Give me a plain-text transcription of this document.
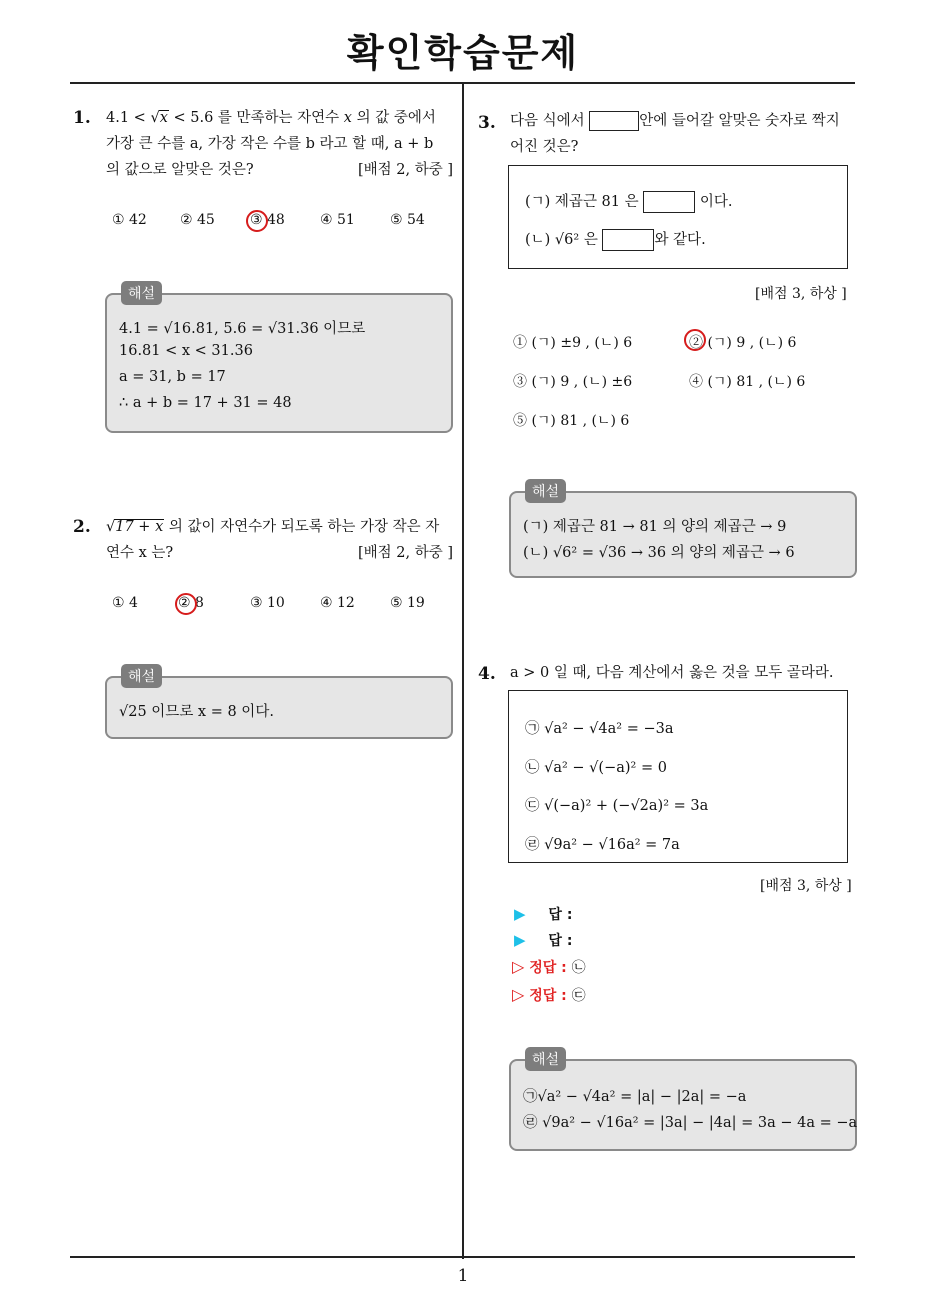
확인학습문제
1
1. 4.1 < √x < 5.6 를 만족하는 자연수 x 의 값 중에서
가장 큰 수를 a, 가장 작은 수를 b 라고 할 때, a + b
의 값으로 알맞은 것은?	[배점 2, 하중 ]
① 42 ② 45	③ 48	④ 51	⑤ 54
해설
4.1 = √16.81, 5.6 = √31.36 이므로
16.81 < x < 31.36
a = 31, b = 17
∴ a + b = 17 + 31 = 48
2. √17 + x 의 값이 자연수가 되도록 하는 가장 작은 자
연수 x 는?	[배점 2, 하중 ]
① 4	② 8	③ 10	④ 12	⑤ 19
해설
√25 이므로 x = 8 이다.
3. 다음 식에서	안에 들어갈 알맞은 숫자로 짝지
어진 것은?
(ㄱ) 제곱근 81 은	이다.
(ㄴ) √6² 은	와 같다.
[배점 3, 하상 ]
① (ㄱ) ±9 , (ㄴ) 6	② (ㄱ) 9 , (ㄴ) 6
③ (ㄱ) 9 , (ㄴ) ±6	④ (ㄱ) 81 , (ㄴ) 6
⑤ (ㄱ) 81 , (ㄴ) 6
해설
(ㄱ) 제곱근 81 → 81 의 양의 제곱근 → 9
(ㄴ) √6² = √36 → 36 의 양의 제곱근 → 6
4. a > 0 일 때, 다음 계산에서 옳은 것을 모두 골라라.
㉠ √a² − √4a² = −3a
㉡ √a² − √(−a)² = 0
㉢ √(−a)² + (−√2a)² = 3a
㉣ √9a² − √16a² = 7a
[배점 3, 하상 ]
▶ 답 :
▶ 답 :
▷ 정답 : ㉡
▷ 정답 : ㉢
해설
㉠√a² − √4a² = |a| − |2a| = −a
㉣ √9a² − √16a² = |3a| − |4a| = 3a − 4a = −a
